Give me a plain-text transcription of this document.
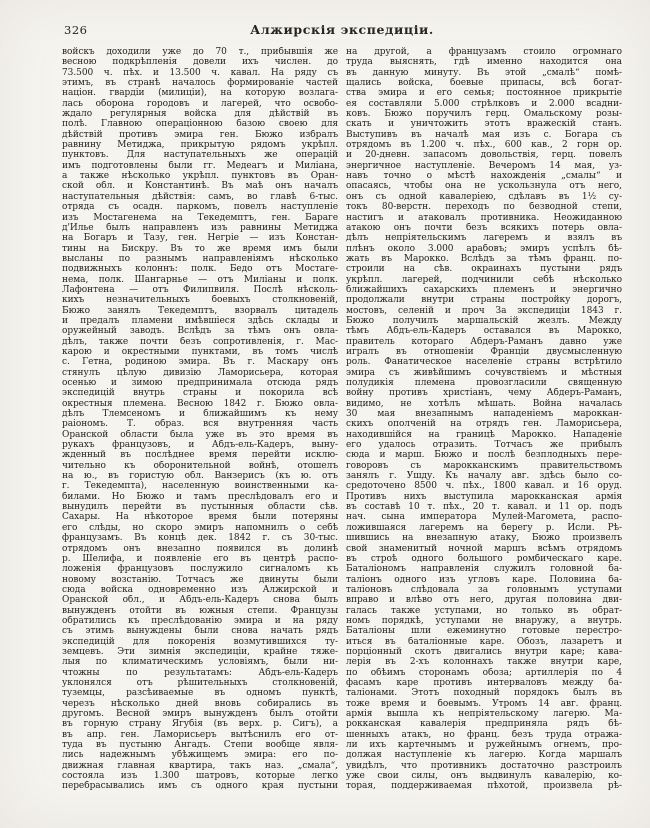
326	Алжирскія экспедиціи.
войскъ доходили уже до 70 т., прибывшія же
весною подкрѣпленія довели ихъ числен. до
73.500 ч. пѣх. и 13.500 ч. кавал. На ряду съ
этимъ, въ странѣ началось формированіе частей
націон. гвардіи (милиціи), на которую возлага-
лась оборона городовъ и лагерей, что освобо-
ждало регулярныя войска для дѣйствій въ
полѣ. Главною операціонною базою своею для
дѣйствій противъ эмира ген. Бюжо избралъ
равнину Метиджа, прикрытую рядомъ укрѣпл.
пунктовъ. Для наступательныхъ же операцій
имъ подготовлены были гг. Медеагъ и Миліана,
а также нѣсколько укрѣпл. пунктовъ въ Оран-
ской обл. и Константинѣ. Въ маѣ онъ началъ
наступательныя дѣйствія: самъ, во главѣ 6-тыс.
отряда съ осадн. паркомъ, повелъ наступленіе
изъ Мостагенема на Текедемптъ, ген. Бараге
д'Илье былъ направленъ изъ равнины Метиджа
на Богаръ и Тазу, ген. Негріе — изъ Констан-
тины на Бискру. Въ то же время имъ были
высланы по разнымъ направленіямъ нѣсколько
подвижныхъ колоннъ: полк. Бедо отъ Мостаге-
нема, полк. Шангарнье — отъ Миліаны и полк.
Лафонтена — отъ Филипвиля. Послѣ нѣсколь-
кихъ незначительныхъ боевыхъ столкновеній,
Бюжо занялъ Текедемптъ, взорвалъ цитадель
и предалъ пламени имѣвшіеся здѣсь склады и
оружейный заводъ. Вслѣдъ за тѣмъ онъ овла-
дѣлъ, также почти безъ сопротивленія, г. Мас-
карою и окрестными пунктами, въ томъ числѣ
с. Гетна, родиною эмира. Въ г. Маскару онъ
стянулъ цѣлую дивизію Ламорисьера, которая
осенью и зимою предпринимала отсюда рядъ
экспедицій внутрь страны и покорила всѣ
окрестныя племена. Весною 1842 г. Бюжо овла-
дѣлъ Тлемсеномъ и ближайшимъ къ нему
раіономъ. Т. образ. вся внутренняя часть
Оранской области была уже въ это время въ
рукахъ французовъ, и Абдъ-ель-Кадеръ, выну-
жденный въ послѣднее время перейти исклю-
чительно къ оборонительной войнѣ, отошелъ
на ю., въ гористую обл. Ванзерисъ (къ ю. отъ
г. Текедемпта), населенную воинственными ка-
билами. Но Бюжо и тамъ преслѣдовалъ его и
вынудилъ перейти въ пустынныя области сѣв.
Сахары. На нѣкоторое время были потеряны
его слѣды, но скоро эмиръ напомнилъ о себѣ
французамъ. Въ концѣ дек. 1842 г. съ 30-тыс.
отрядомъ онъ внезапно появился въ долинѣ
р. Шелифа, и появленіе его въ центрѣ распо-
ложенія французовъ послужило сигналомъ къ
новому возстанію. Тотчасъ же двинуты были
сюда войска одновременно изъ Алжирской и
Оранской обл., и Абдъ-ель-Кадеръ снова былъ
вынужденъ отойти въ южныя степи. Французы
обратились къ преслѣдованію эмира и на ряду
съ этимъ вынуждены были снова начать рядъ
экспедицій для покоренія возмутившихся ту-
земцевъ. Эти зимнія экспедиціи, крайне тяже-
лыя по климатическимъ условіямъ, были ни-
чтожны по результатамъ: Абдъ-ель-Кадеръ
уклонялся отъ рѣшительныхъ столкновеній,
туземцы, разсѣиваемые въ одномъ пунктѣ,
черезъ нѣсколько дней вновь собирались въ
другомъ. Весной эмиръ вынужденъ былъ отойти
въ горную страну Ягубія (въ верх. р. Сигъ), а
въ апр. ген. Ламорисьеръ вытѣснилъ его от-
туда въ пустыню Ангадъ. Степи вообще явля-
лись надежнымъ убѣжищемъ эмира: его по-
движная главная квартира, такъ наз. „смала“,
состояла изъ 1.300 шатровъ, которые легко
перебрасывались имъ съ одного края пустыни
на другой, а французамъ стоило огромнаго
труда выяснять, гдѣ именно находится она
въ данную минуту. Въ этой „смалѣ“ помѣ-
щались войска, боевые припасы, всѣ богат-
ства эмира и его семья; постоянное прикрытіе
ея составляли 5.000 стрѣлковъ и 2.000 всадни-
ковъ. Бюжо поручилъ герц. Омальскому розы-
скать и уничтожить этотъ вражескій станъ.
Выступивъ въ началѣ мая изъ с. Богара съ
отрядомъ въ 1.200 ч. пѣх., 600 кав., 2 горн ор.
и 20-дневн. запасомъ довольствія, герц. повелъ
энергичное наступленіе. Вечеромъ 14 мая, уз-
навъ точно о мѣстѣ нахожденія „смалы“ и
опасаясь, чтобы она не ускользнула отъ него,
онъ съ одной кавалеріею, сдѣлавъ въ 1½ су-
токъ 80-верстн. переходъ по безводной степи,
настигъ и атаковалъ противника. Неожиданною
атакою онъ почти безъ всякихъ потерь овла-
дѣлъ непріятельскимъ лагеремъ и взялъ въ
плѣнъ около 3.000 арабовъ; эмиръ успѣлъ бѣ-
жать въ Марокко. Вслѣдъ за тѣмъ франц. по-
строили на сѣв. окраинахъ пустыни рядъ
укрѣпл. лагерей, подчинили себѣ нѣсколько
ближайшихъ сахарскихъ племенъ и энергично
продолжали внутри страны постройку дорогъ,
мостовъ, селеній и проч За экспедиціи 1843 г.
Бюжо получилъ маршальскій жезлъ. Между
тѣмъ Абдъ-ель-Кадеръ оставался въ Марокко,
правитель котораго Абдеръ-Раманъ давно уже
игралъ въ отношеніи Франціи двусмысленную
роль. Фанатическое населеніе страны встрѣтило
эмира съ живѣйшимъ сочувствіемъ и мѣстныя
полудикія племена провозгласили священную
войну противъ христіанъ, чему Абдеръ-Раманъ,
видимо, не хотѣлъ мѣшать. Война началась
30 мая внезапнымъ нападеніемъ мароккан-
скихъ ополченій на отрядъ ген. Ламорисьера,
находившійся на границѣ Марокко. Нападеніе
его удалось отразить. Тотчасъ же прибылъ
сюда и марш. Бюжо и послѣ безплодныхъ пере-
говоровъ съ марокканскимъ правительствомъ
занялъ г. Ушду. Къ началу авг. здѣсь было со-
средоточено 8500 ч. пѣх., 1800 кавал. и 16 оруд.
Противъ нихъ выступила марокканская армія
въ составѣ 10 т. пѣх., 20 т. кавал. и 11 ор. подъ
нач. сына императора Мулей-Магомета, распо-
ложившаяся лагеремъ на берегу р. Исли. Рѣ-
шившись на внезапную атаку, Бюжо произвелъ
свой знаменитый ночной маршъ всѣмъ отрядомъ
въ строѣ одного большого ромбическаго каре.
Баталіономъ направленія служилъ головной ба-
таліонъ одного изъ угловъ каре. Половина ба-
таліоновъ слѣдовала за головнымъ уступами
вправо и влѣво отъ него, другая половина дви-
галась также уступами, но только въ обрат-
номъ порядкѣ, уступами не внаружу, а внутрь.
Баталіоны шли ежеминутно готовые перестро-
иться въ баталіонные каре. Обозъ, лазаретъ и
порціонный скотъ двигались внутри каре; кава-
лерія въ 2-хъ колоннахъ также внутри каре,
по обѣимъ сторонамъ обоза; артиллерія по 4
фасамъ каре противъ интерваловъ между ба-
таліонами. Этотъ походный порядокъ былъ въ
тоже время и боевымъ. Утромъ 14 авг. франц.
армія вышла къ непріятельскому лагерю. Ма-
рокканская кавалерія предприняла рядъ бѣ-
шенныхъ атакъ, но франц. безъ труда отража-
ли ихъ картечнымъ и ружейнымъ огнемъ, про-
должая наступленіе къ лагерю. Когда маршалъ
увидѣлъ, что противникъ достаточно разстроилъ
уже свои силы, онъ выдвинулъ кавалерію, ко-
торая, поддерживаемая пѣхотой, произвела рѣ-
